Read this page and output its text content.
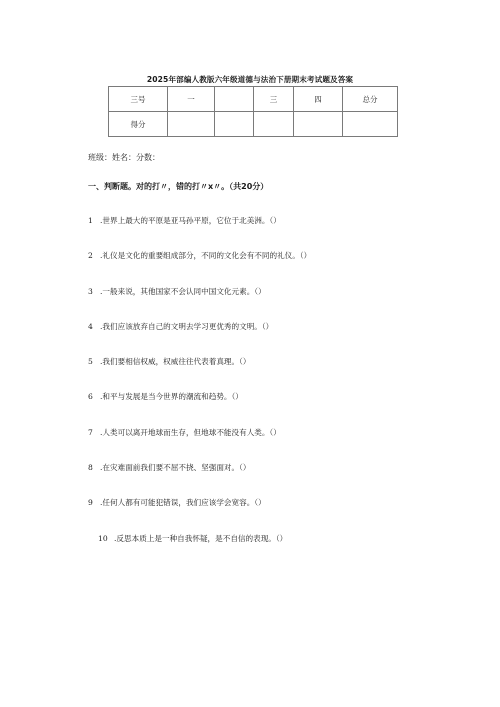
2025年部编人教版六年级道德与法治下册期末考试题及答案
三号	一		三	四	总分
得分					
班级：姓名：分数：
一、判断题。对的打〃，错的打〃x〃。（共20分）
1 .世界上最大的平原是亚马孙平原，它位于北美洲。（）
2 .礼仪是文化的重要组成部分，不同的文化会有不同的礼仪。（）
3 .一般来说，其他国家不会认同中国文化元素。（）
4 .我们应该放弃自己的文明去学习更优秀的文明。（）
5 .我们要相信权威，权威往往代表着真理。（）
6 .和平与发展是当今世界的潮流和趋势。（）
7 .人类可以离开地球而生存，但地球不能没有人类。（）
8 .在灾难面前我们要不屈不挠、坚强面对。（）
9 .任何人都有可能犯错误，我们应该学会宽容。（）
10 .反思本质上是一种自我怀疑，是不自信的表现。（）
